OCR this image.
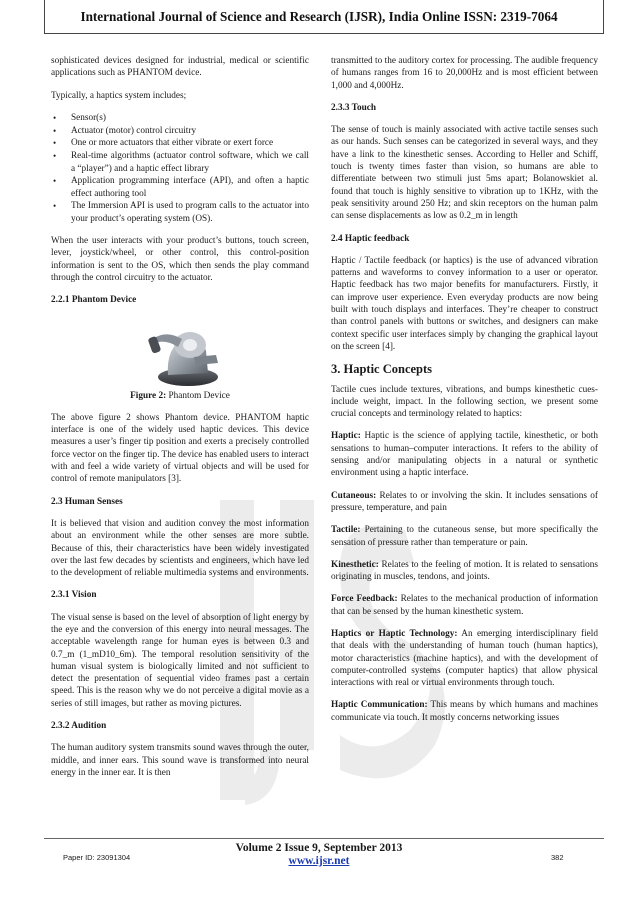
International Journal of Science and Research (IJSR), India Online ISSN: 2319-7064

sophisticated devices designed for industrial, medical or scientific applications such as PHANTOM device.

Typically, a haptics system includes;

• Sensor(s)
• Actuator (motor) control circuitry
• One or more actuators that either vibrate or exert force
• Real-time algorithms (actuator control software, which we call a “player”) and a haptic effect library
• Application programming interface (API), and often a haptic effect authoring tool
• The Immersion API is used to program calls to the actuator into your product’s operating system (OS).

When the user interacts with your product’s buttons, touch screen, lever, joystick/wheel, or other control, this control-position information is sent to the OS, which then sends the play command through the control circuitry to the actuator.

2.2.1 Phantom Device
Figure 2: Phantom Device

The above figure 2 shows Phantom device. PHANTOM haptic interface is one of the widely used haptic devices. This device measures a user’s finger tip position and exerts a precisely controlled force vector on the finger tip. The device has enabled users to interact with and feel a wide variety of virtual objects and will be used for control of remote manipulators [3].

2.3 Human Senses

It is believed that vision and audition convey the most information about an environment while the other senses are more subtle. Because of this, their characteristics have been widely investigated over the last few decades by scientists and engineers, which have led to the development of reliable multimedia systems and environments.

2.3.1 Vision

The visual sense is based on the level of absorption of light energy by the eye and the conversion of this energy into neural messages. The acceptable wavelength range for human eyes is between 0.3 and 0.7_m (1_mD10_6m). The temporal resolution sensitivity of the human visual system is biologically limited and not sufficient to detect the presentation of sequential video frames past a certain speed. This is the reason why we do not perceive a digital movie as a series of still images, but rather as moving pictures.

2.3.2 Audition

The human auditory system transmits sound waves through the outer, middle, and inner ears. This sound wave is transformed into neural energy in the inner ear. It is then

transmitted to the auditory cortex for processing. The audible frequency of humans ranges from 16 to 20,000Hz and is most efficient between 1,000 and 4,000Hz.

2.3.3 Touch

The sense of touch is mainly associated with active tactile senses such as our hands. Such senses can be categorized in several ways, and they have a link to the kinesthetic senses. According to Heller and Schiff, touch is twenty times faster than vision, so humans are able to differentiate between two stimuli just 5ms apart; Bolanowskiet al. found that touch is highly sensitive to vibration up to 1KHz, with the peak sensitivity around 250 Hz; and skin receptors on the human palm can sense displacements as low as 0.2_m in length

2.4 Haptic feedback

Haptic / Tactile feedback (or haptics) is the use of advanced vibration patterns and waveforms to convey information to a user or operator. Haptic feedback has two major benefits for manufacturers. Firstly, it can improve user experience. Even everyday products are now being built with touch displays and interfaces. They’re cheaper to construct than control panels with buttons or switches, and designers can make context specific user interfaces simply by changing the graphical layout on the screen [4].

3. Haptic Concepts

Tactile cues include textures, vibrations, and bumps kinesthetic cues- include weight, impact. In the following section, we present some crucial concepts and terminology related to haptics:

Haptic: Haptic is the science of applying tactile, kinesthetic, or both sensations to human–computer interactions. It refers to the ability of sensing and/or manipulating objects in a natural or synthetic environment using a haptic interface.

Cutaneous: Relates to or involving the skin. It includes sensations of pressure, temperature, and pain

Tactile: Pertaining to the cutaneous sense, but more specifically the sensation of pressure rather than temperature or pain.

Kinesthetic: Relates to the feeling of motion. It is related to sensations originating in muscles, tendons, and joints.

Force Feedback: Relates to the mechanical production of information that can be sensed by the human kinesthetic system.

Haptics or Haptic Technology: An emerging interdisciplinary field that deals with the understanding of human touch (human haptics), motor characteristics (machine haptics), and with the development of computer-controlled systems (computer haptics) that allow physical interactions with real or virtual environments through touch.

Haptic Communication: This means by which humans and machines communicate via touch. It mostly concerns networking issues

Volume 2 Issue 9, September 2013
www.ijsr.net
Paper ID: 23091304	382
